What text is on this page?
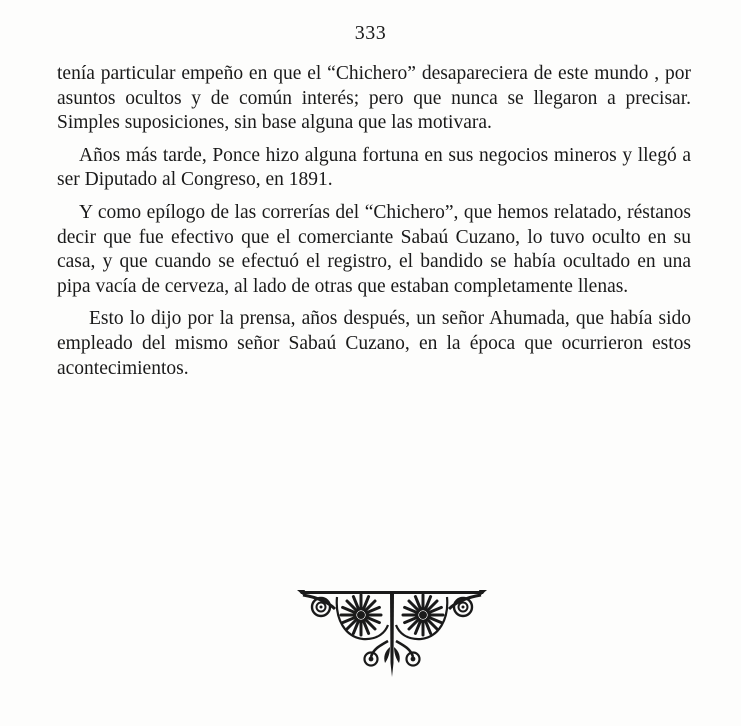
333

tenía particular empeño en que el “Chichero” desapareciera de este mundo , por asuntos ocultos y de común interés; pero que nunca se llegaron a precisar. Simples suposiciones, sin base alguna que las motivara.

Años más tarde, Ponce hizo alguna fortuna en sus negocios mineros y llegó a ser Diputado al Congreso, en 1891.

Y como epílogo de las correrías del “Chichero”, que hemos relatado, réstanos decir que fue efectivo que el comerciante Sabaú Cuzano, lo tuvo oculto en su casa, y que cuando se efectuó el registro, el bandido se había ocultado en una pipa vacía de cerveza, al lado de otras que estaban completamente llenas.

Esto lo dijo por la prensa, años después, un señor Ahumada, que había sido empleado del mismo señor Sabaú Cuzano, en la época que ocurrieron estos acontecimientos.
